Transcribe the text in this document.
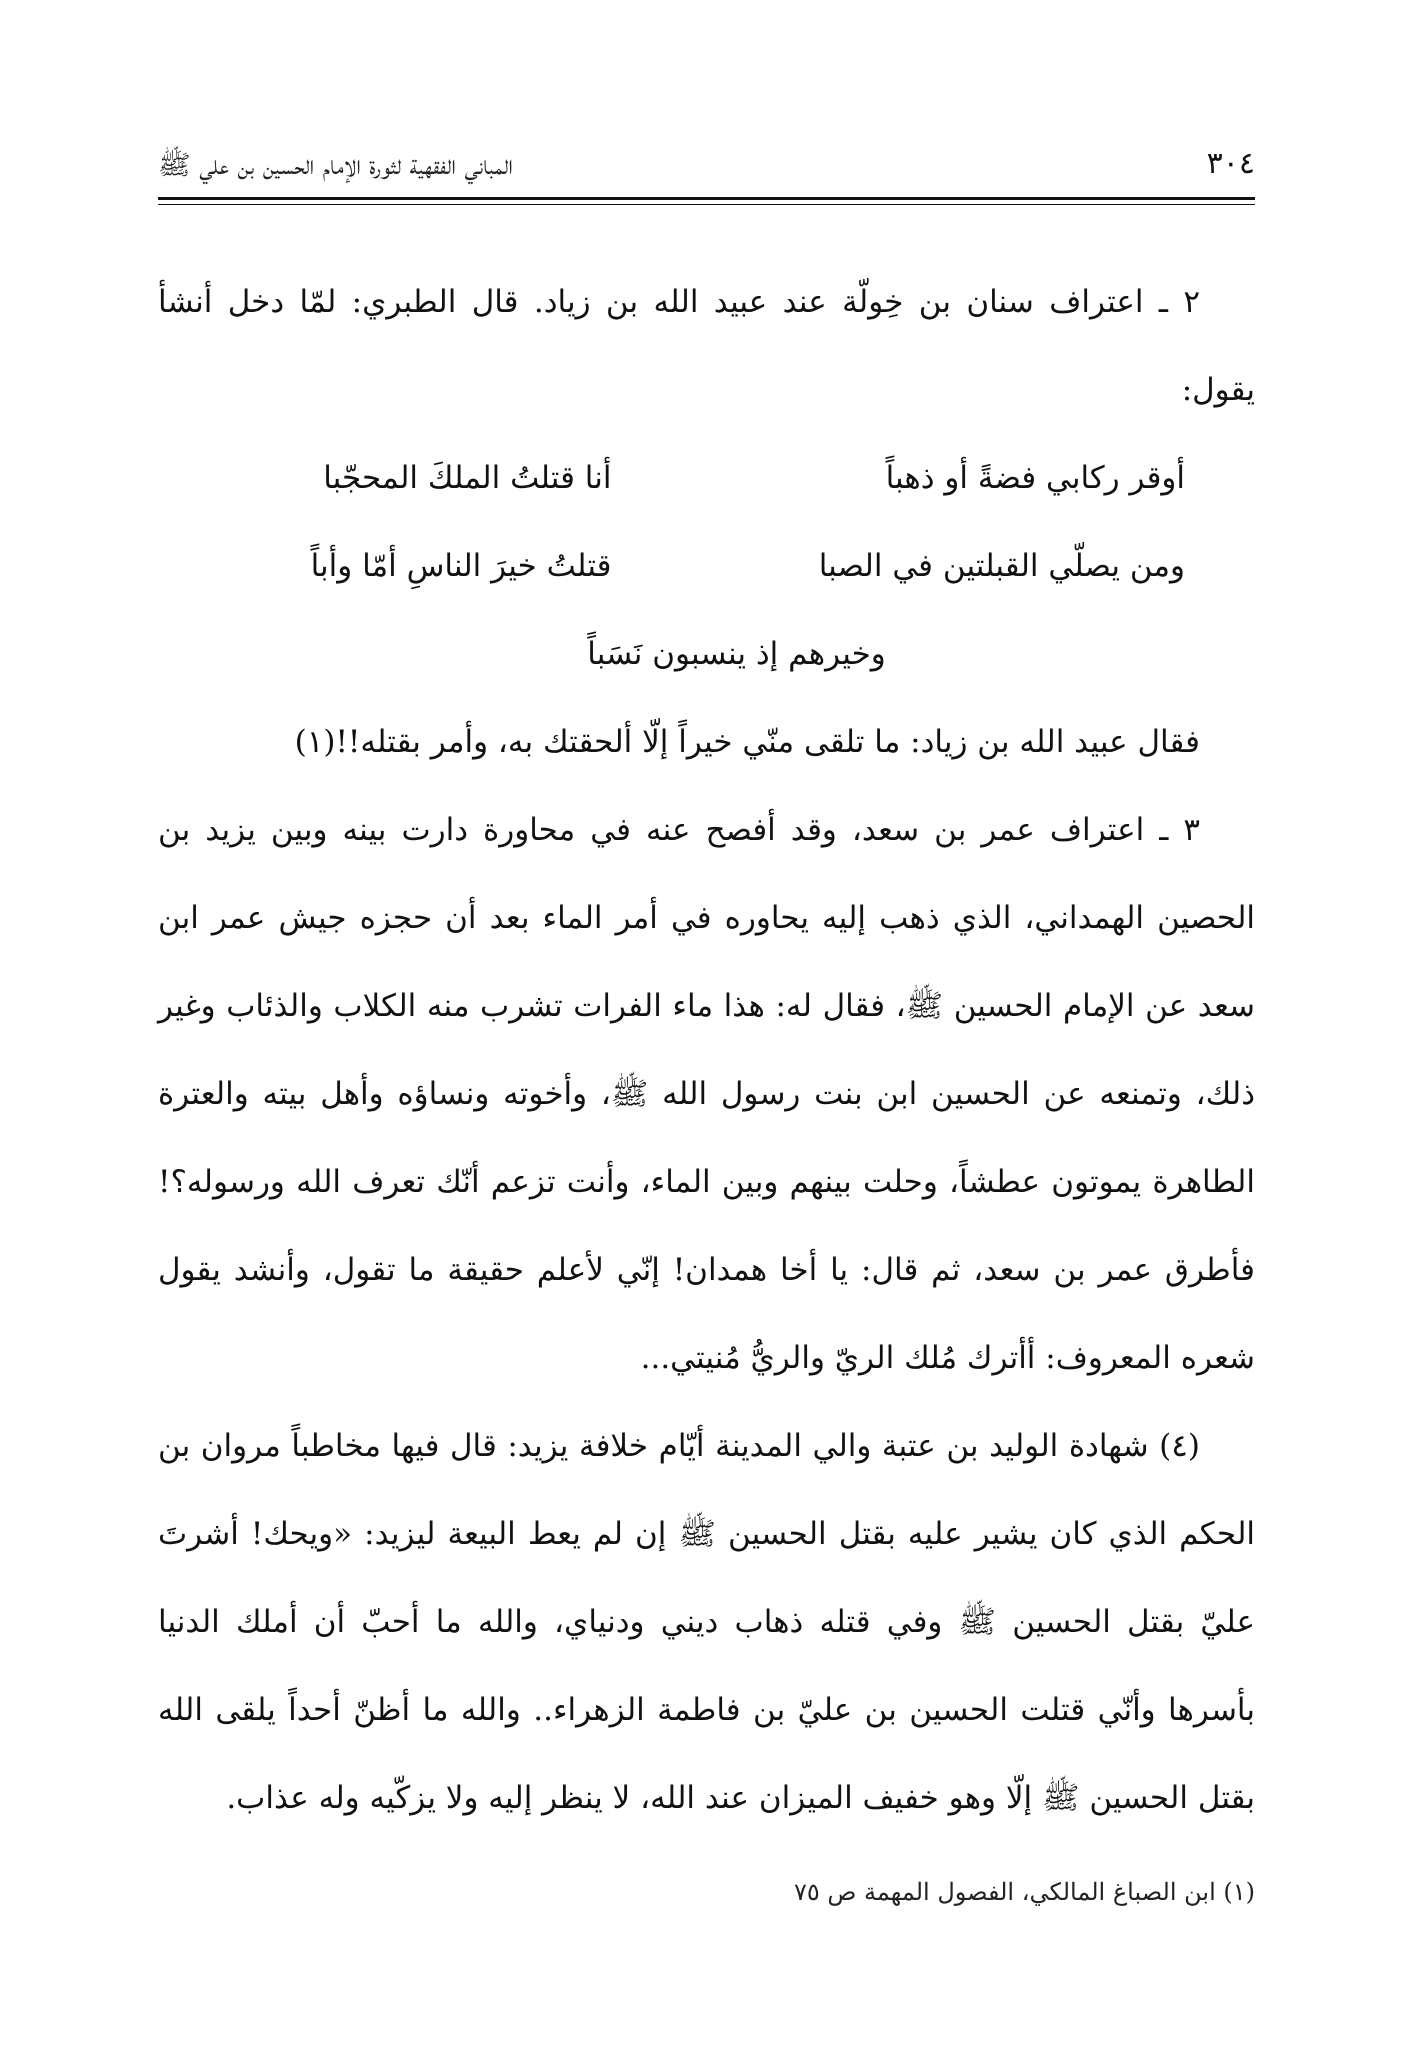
٣٠٤
المباني الفقهية لثورة الإمام الحسين بن علي ﷺ

٢ ـ اعتراف سنان بن خِولّة عند عبيد الله بن زياد. قال الطبري: لمّا دخل أنشأ يقول:

أوقر ركابي فضةً أو ذهباً
أنا قتلتُ الملكَ المحجّبا
ومن يصلّي القبلتين في الصبا
قتلتُ خيرَ الناسِ أمّا وأباً
وخيرهم إذ ينسبون نَسَباً

فقال عبيد الله بن زياد: ما تلقى منّي خيراً إلّا ألحقتك به، وأمر بقتله!!(١)

٣ ـ اعتراف عمر بن سعد، وقد أفصح عنه في محاورة دارت بينه وبين يزيد بن الحصين الهمداني، الذي ذهب إليه يحاوره في أمر الماء بعد أن حجزه جيش عمر ابن سعد عن الإمام الحسين ﷺ، فقال له: هذا ماء الفرات تشرب منه الكلاب والذئاب وغير ذلك، وتمنعه عن الحسين ابن بنت رسول الله ﷺ، وأخوته ونساؤه وأهل بيته والعترة الطاهرة يموتون عطشاً، وحلت بينهم وبين الماء، وأنت تزعم أنّك تعرف الله ورسوله؟! فأطرق عمر بن سعد، ثم قال: يا أخا همدان! إنّي لأعلم حقيقة ما تقول، وأنشد يقول شعره المعروف: أأترك مُلك الريّ والريُّ مُنيتي...

(٤) شهادة الوليد بن عتبة والي المدينة أيّام خلافة يزيد: قال فيها مخاطباً مروان بن الحكم الذي كان يشير عليه بقتل الحسين ﷺ إن لم يعط البيعة ليزيد: «ويحك! أشرتَ عليّ بقتل الحسين ﷺ وفي قتله ذهاب ديني ودنياي، والله ما أحبّ أن أملك الدنيا بأسرها وأنّي قتلت الحسين بن عليّ بن فاطمة الزهراء.. والله ما أظنّ أحداً يلقى الله بقتل الحسين ﷺ إلّا وهو خفيف الميزان عند الله، لا ينظر إليه ولا يزكّيه وله عذاب.

(١) ابن الصباغ المالكي، الفصول المهمة ص ٧٥
